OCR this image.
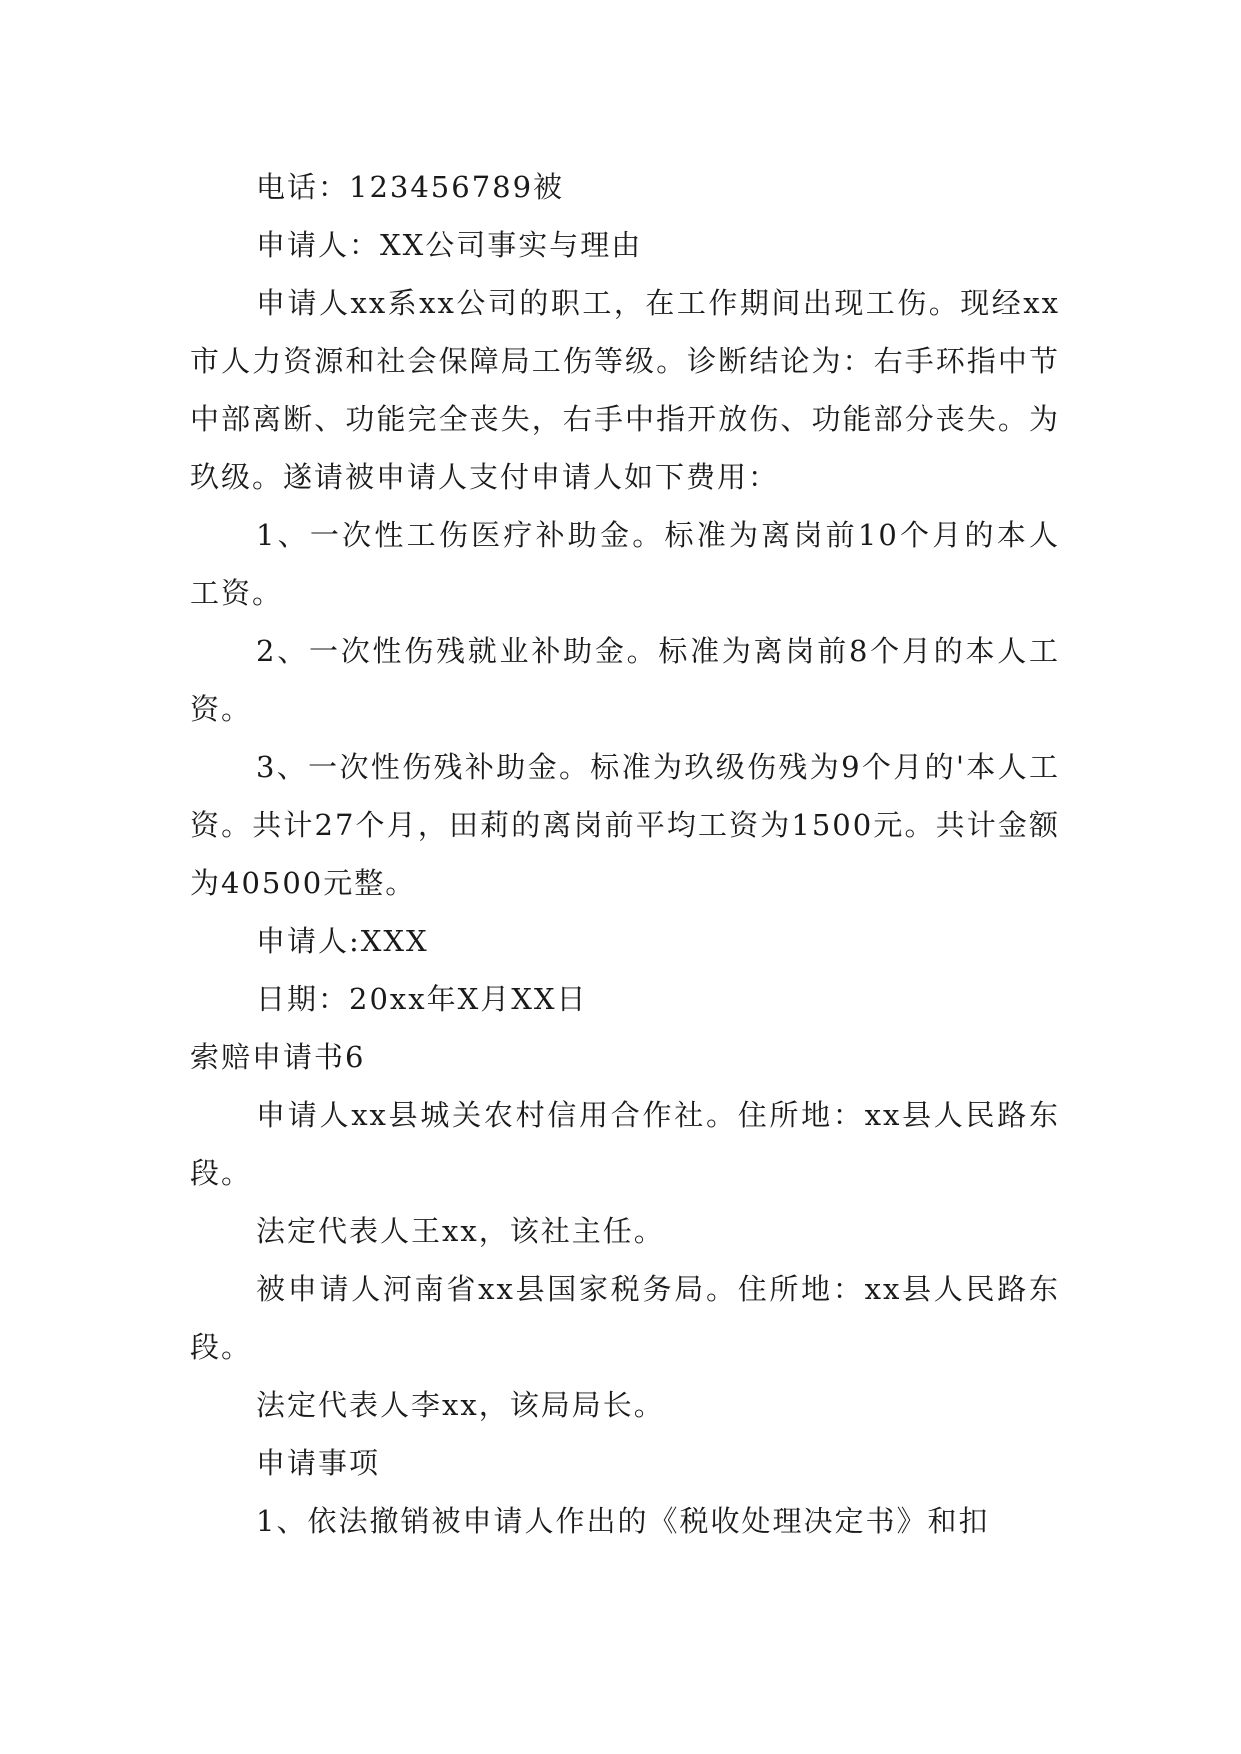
电话：123456789被

申请人：XX公司事实与理由

申请人xx系xx公司的职工，在工作期间出现工伤。现经xx市人力资源和社会保障局工伤等级。诊断结论为：右手环指中节中部离断、功能完全丧失，右手中指开放伤、功能部分丧失。为玖级。遂请被申请人支付申请人如下费用：

1、一次性工伤医疗补助金。标准为离岗前10个月的本人工资。

2、一次性伤残就业补助金。标准为离岗前8个月的本人工资。

3、一次性伤残补助金。标准为玖级伤残为9个月的'本人工资。共计27个月，田莉的离岗前平均工资为1500元。共计金额为40500元整。

申请人:XXX

日期：20xx年X月XX日

索赔申请书6

申请人xx县城关农村信用合作社。住所地：xx县人民路东段。

法定代表人王xx，该社主任。

被申请人河南省xx县国家税务局。住所地：xx县人民路东段。

法定代表人李xx，该局局长。

申请事项

1、依法撤销被申请人作出的《税收处理决定书》和扣
